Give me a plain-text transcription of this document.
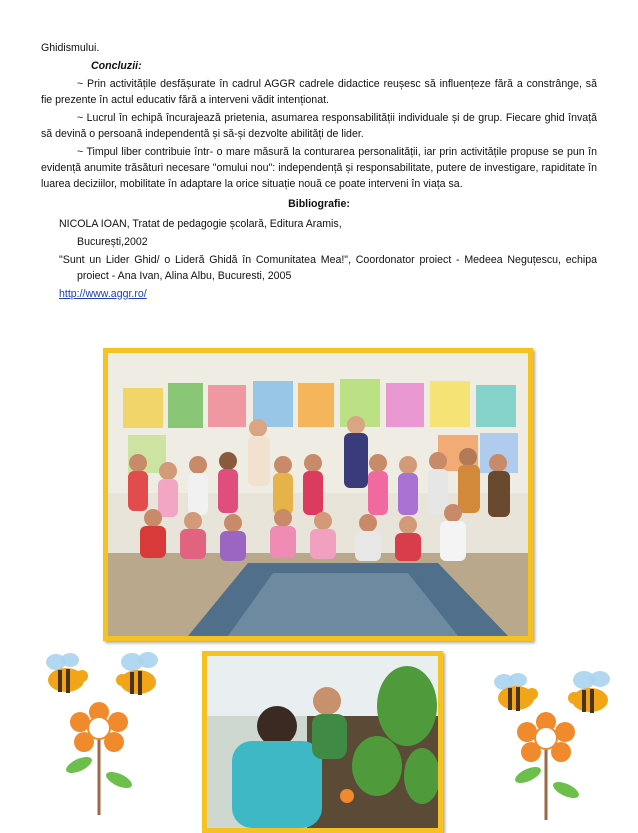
Ghidismului.

Concluzii:

~ Prin activitățile desfășurate în cadrul AGGR cadrele didactice reușesc să influențeze fără a constrânge, să fie prezente în actul educativ fără a interveni vădit intenționat.

~ Lucrul în echipă încurajează prietenia, asumarea responsabilității individuale și de grup. Fiecare ghid învață să devină o persoană independentă și să-și dezvolte abilități de lider.

~ Timpul liber contribuie într- o mare măsură la conturarea personalității, iar prin activitățile propuse se pun în evidență anumite trăsături necesare "omului nou": independență și responsabilitate, putere de investigare, rapiditate în luarea deciziilor, mobilitate în adaptare la orice situație nouă ce poate interveni în viața sa.

Bibliografie:

NICOLA IOAN, Tratat de pedagogie școlară, Editura Aramis,

București,2002

"Sunt un Lider Ghid/ o Lideră Ghidă în Comunitatea Mea!", Coordonator proiect - Medeea Neguțescu, echipa proiect - Ana Ivan, Alina Albu, Bucuresti, 2005

http://www.aggr.ro/
